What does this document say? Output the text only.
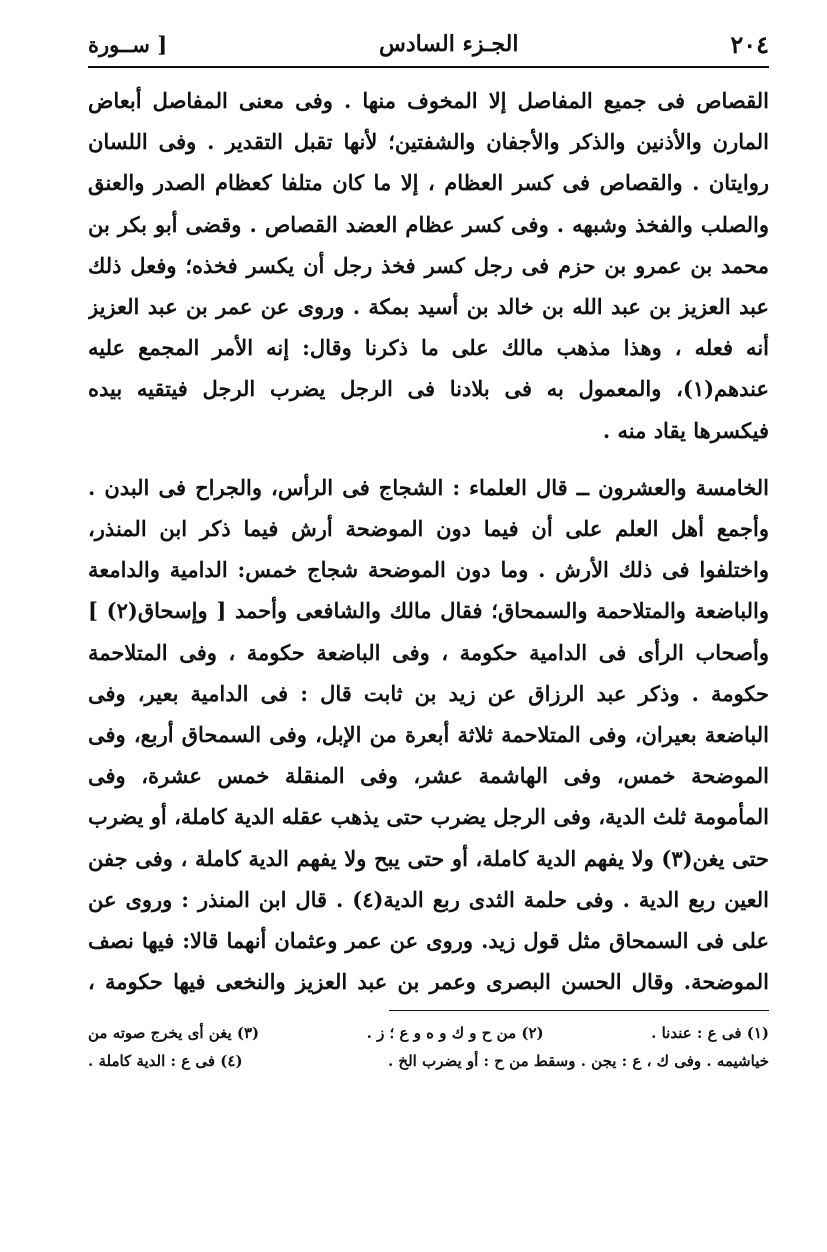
٢٠٤
الجـزء السادس
[ ســورة

القصاص فى جميع المفاصل إلا المخوف منها . وفى معنى المفاصل أبعاض المارن والأذنين والذكر والأجفان والشفتين؛ لأنها تقبل التقدير . وفى اللسان روايتان . والقصاص فى كسر العظام ، إلا ما كان متلفا كعظام الصدر والعنق والصلب والفخذ وشبهه . وفى كسر عظام العضد القصاص . وقضى أبو بكر بن محمد بن عمرو بن حزم فى رجل كسر فخذ رجل أن يكسر فخذه؛ وفعل ذلك عبد العزيز بن عبد الله بن خالد بن أسيد بمكة . وروى عن عمر بن عبد العزيز أنه فعله ، وهذا مذهب مالك على ما ذكرنا وقال: إنه الأمر المجمع عليه عندهم(١)، والمعمول به فى بلادنا فى الرجل يضرب الرجل فيتقيه بيده فيكسرها يقاد منه .

الخامسة والعشرون ــ قال العلماء : الشجاج فى الرأس، والجراح فى البدن . وأجمع أهل العلم على أن فيما دون الموضحة أرش فيما ذكر ابن المنذر، واختلفوا فى ذلك الأرش . وما دون الموضحة شجاج خمس: الدامية والدامعة والباضعة والمتلاحمة والسمحاق؛ فقال مالك والشافعى وأحمد [ وإسحاق(٢) ] وأصحاب الرأى فى الدامية حكومة ، وفى الباضعة حكومة ، وفى المتلاحمة حكومة . وذكر عبد الرزاق عن زيد بن ثابت قال : فى الدامية بعير، وفى الباضعة بعيران، وفى المتلاحمة ثلاثة أبعرة من الإبل، وفى السمحاق أربع، وفى الموضحة خمس، وفى الهاشمة عشر، وفى المنقلة خمس عشرة، وفى المأمومة ثلث الدية، وفى الرجل يضرب حتى يذهب عقله الدية كاملة، أو يضرب حتى يغن(٣) ولا يفهم الدية كاملة، أو حتى يبح ولا يفهم الدية كاملة ، وفى جفن العين ربع الدية . وفى حلمة الثدى ربع الدية(٤) . قال ابن المنذر : وروى عن على فى السمحاق مثل قول زيد. وروى عن عمر وعثمان أنهما قالا: فيها نصف الموضحة. وقال الحسن البصرى وعمر بن عبد العزيز والنخعى فيها حكومة ،

(١) فى ع : عندنا .
(٢) من ح و ك و ه و ع ؛ ز .
(٣) يغن أى يخرج صوته من
خياشيمه . وفى ك ، ع : يجن . وسقط من ح : أو يضرب الخ .
(٤) فى ع : الدية كاملة .
